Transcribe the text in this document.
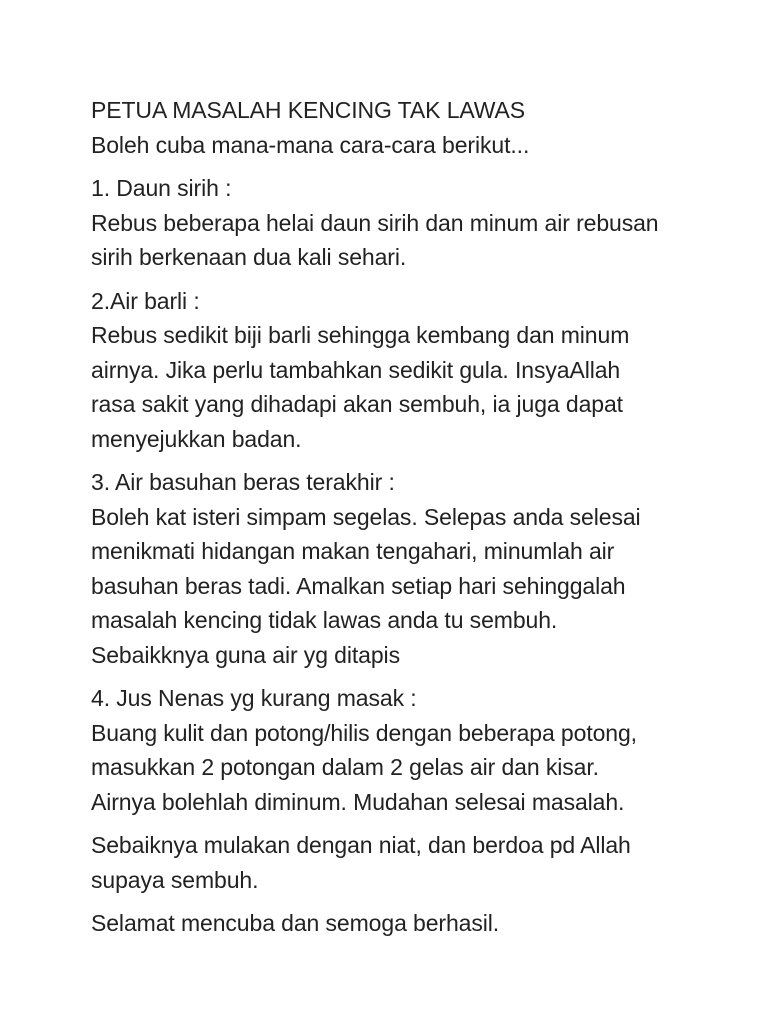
PETUA MASALAH KENCING TAK LAWAS
Boleh cuba mana-mana cara-cara berikut...

1. Daun sirih :
Rebus beberapa helai daun sirih dan minum air rebusan
sirih berkenaan dua kali sehari.

2.Air barli :
Rebus sedikit biji barli sehingga kembang dan minum
airnya. Jika perlu tambahkan sedikit gula. InsyaAllah
rasa sakit yang dihadapi akan sembuh, ia juga dapat
menyejukkan badan.

3. Air basuhan beras terakhir :
Boleh kat isteri simpam segelas. Selepas anda selesai
menikmati hidangan makan tengahari, minumlah air
basuhan beras tadi. Amalkan setiap hari sehinggalah
masalah kencing tidak lawas anda tu sembuh.
Sebaikknya guna air yg ditapis

4. Jus Nenas yg kurang masak :
Buang kulit dan potong/hilis dengan beberapa potong,
masukkan 2 potongan dalam 2 gelas air dan kisar.
Airnya bolehlah diminum. Mudahan selesai masalah.

Sebaiknya mulakan dengan niat, dan berdoa pd Allah
supaya sembuh.

Selamat mencuba dan semoga berhasil.
